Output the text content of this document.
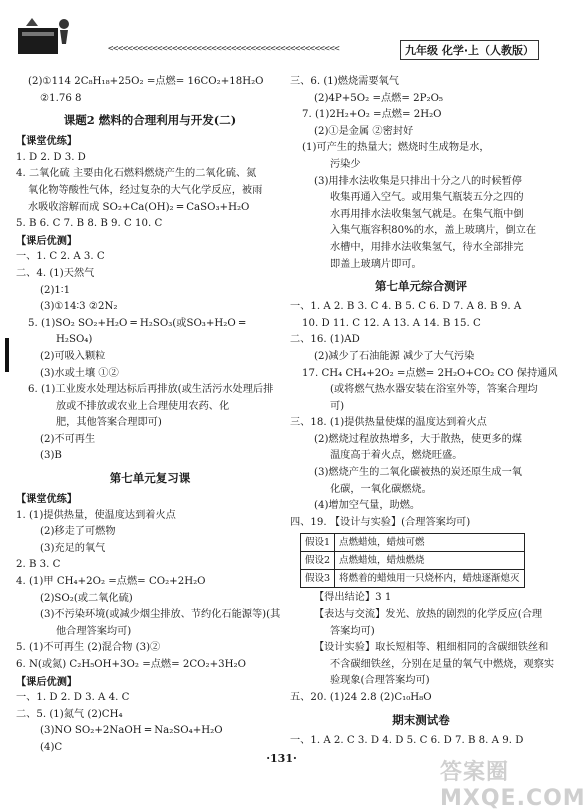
<<<<<<<<<<<<<<<<<<<<<<<<<<<<<<<<<<<<<<<<<<<<<<<	九年级 化学·上（人教版）
(2)①114 2C₈H₁₈+25O₂ =点燃= 16CO₂+18H₂O
②1.76 8
课题2 燃料的合理利用与开发(二)
【课堂优练】
1. D 2. D 3. D
4. 二氧化硫 主要由化石燃料燃烧产生的二氧化硫、氮
氧化物等酸性气体，经过复杂的大气化学反应，被雨
水吸收溶解而成 SO₂+Ca(OH)₂ ═ CaSO₃+H₂O
5. B 6. C 7. B 8. B 9. C 10. C
【课后优测】
一、1. C 2. A 3. C
二、4. (1)天然气
(2)1∶1
(3)①14∶3 ②2N₂
5. (1)SO₂ SO₂+H₂O ═ H₂SO₃(或SO₃+H₂O ═
H₂SO₄)
(2)可吸入颗粒
(3)水或土壤 ①②
6. (1)工业废水处理达标后再排放(或生活污水处理后排
放或不排放或农业上合理使用农药、化
肥，其他答案合理即可)
(2)不可再生
(3)B
第七单元复习课
【课堂优练】
1. (1)提供热量，使温度达到着火点
(2)移走了可燃物
(3)充足的氧气
2. B 3. C
4. (1)甲 CH₄+2O₂ =点燃= CO₂+2H₂O
(2)SO₂(或二氧化硫)
(3)不污染环境(或减少烟尘排放、节约化石能源等)(其
他合理答案均可)
5. (1)不可再生 (2)混合物 (3)②
6. N(或氮) C₂H₅OH+3O₂ =点燃= 2CO₂+3H₂O
【课后优测】
一、1. D 2. D 3. A 4. C
二、5. (1)氮气 (2)CH₄
(3)NO SO₂+2NaOH ═ Na₂SO₄+H₂O
(4)C
三、6. (1)燃烧需要氧气
(2)4P+5O₂ =点燃= 2P₂O₅
7. (1)2H₂+O₂ =点燃= 2H₂O
(2)①是金属 ②密封好
(1)可产生的热量大；燃烧时生成物是水，
污染少
(3)用排水法收集是只排出十分之八的时候暂停
收集再通入空气。或用集气瓶装五分之四的
水再用排水法收集氢气就是。在集气瓶中倒
入集气瓶容积80%的水，盖上玻璃片，倒立在
水槽中，用排水法收集氢气，待水全部排完
即盖上玻璃片即可。
第七单元综合测评
一、1. A 2. B 3. C 4. B 5. C 6. D 7. A 8. B 9. A
10. D 11. C 12. A 13. A 14. B 15. C
二、16. (1)AD
(2)减少了石油能源 减少了大气污染
17. CH₄ CH₄+2O₂ =点燃= 2H₂O+CO₂ CO 保持通风
(或将燃气热水器安装在浴室外等，答案合理均
可)
三、18. (1)提供热量使煤的温度达到着火点
(2)燃烧过程放热增多，大于散热，使更多的煤
温度高于着火点，燃烧旺盛。
(3)燃烧产生的二氧化碳被热的炭还原生成一氧
化碳，一氧化碳燃烧。
(4)增加空气量，助燃。
四、19. 【设计与实验】(合理答案均可)
假设1	点燃蜡烛，蜡烛可燃
假设2	点燃蜡烛，蜡烛燃烧
假设3	将燃着的蜡烛用一只烧杯内，蜡烛逐渐熄灭
【得出结论】3 1
【表达与交流】发光、放热的剧烈的化学反应(合理
答案均可)
【设计实验】取长短相等、粗细相同的含碳细铁丝和
不含碳细铁丝，分别在足量的氧气中燃烧，观察实
验现象(合理答案均可)
五、20. (1)24 2.8 (2)C₁₀H₈O
期末测试卷
一、1. A 2. C 3. D 4. D 5. C 6. D 7. B 8. A 9. D
·131·
答案圈 MXQE.COM
